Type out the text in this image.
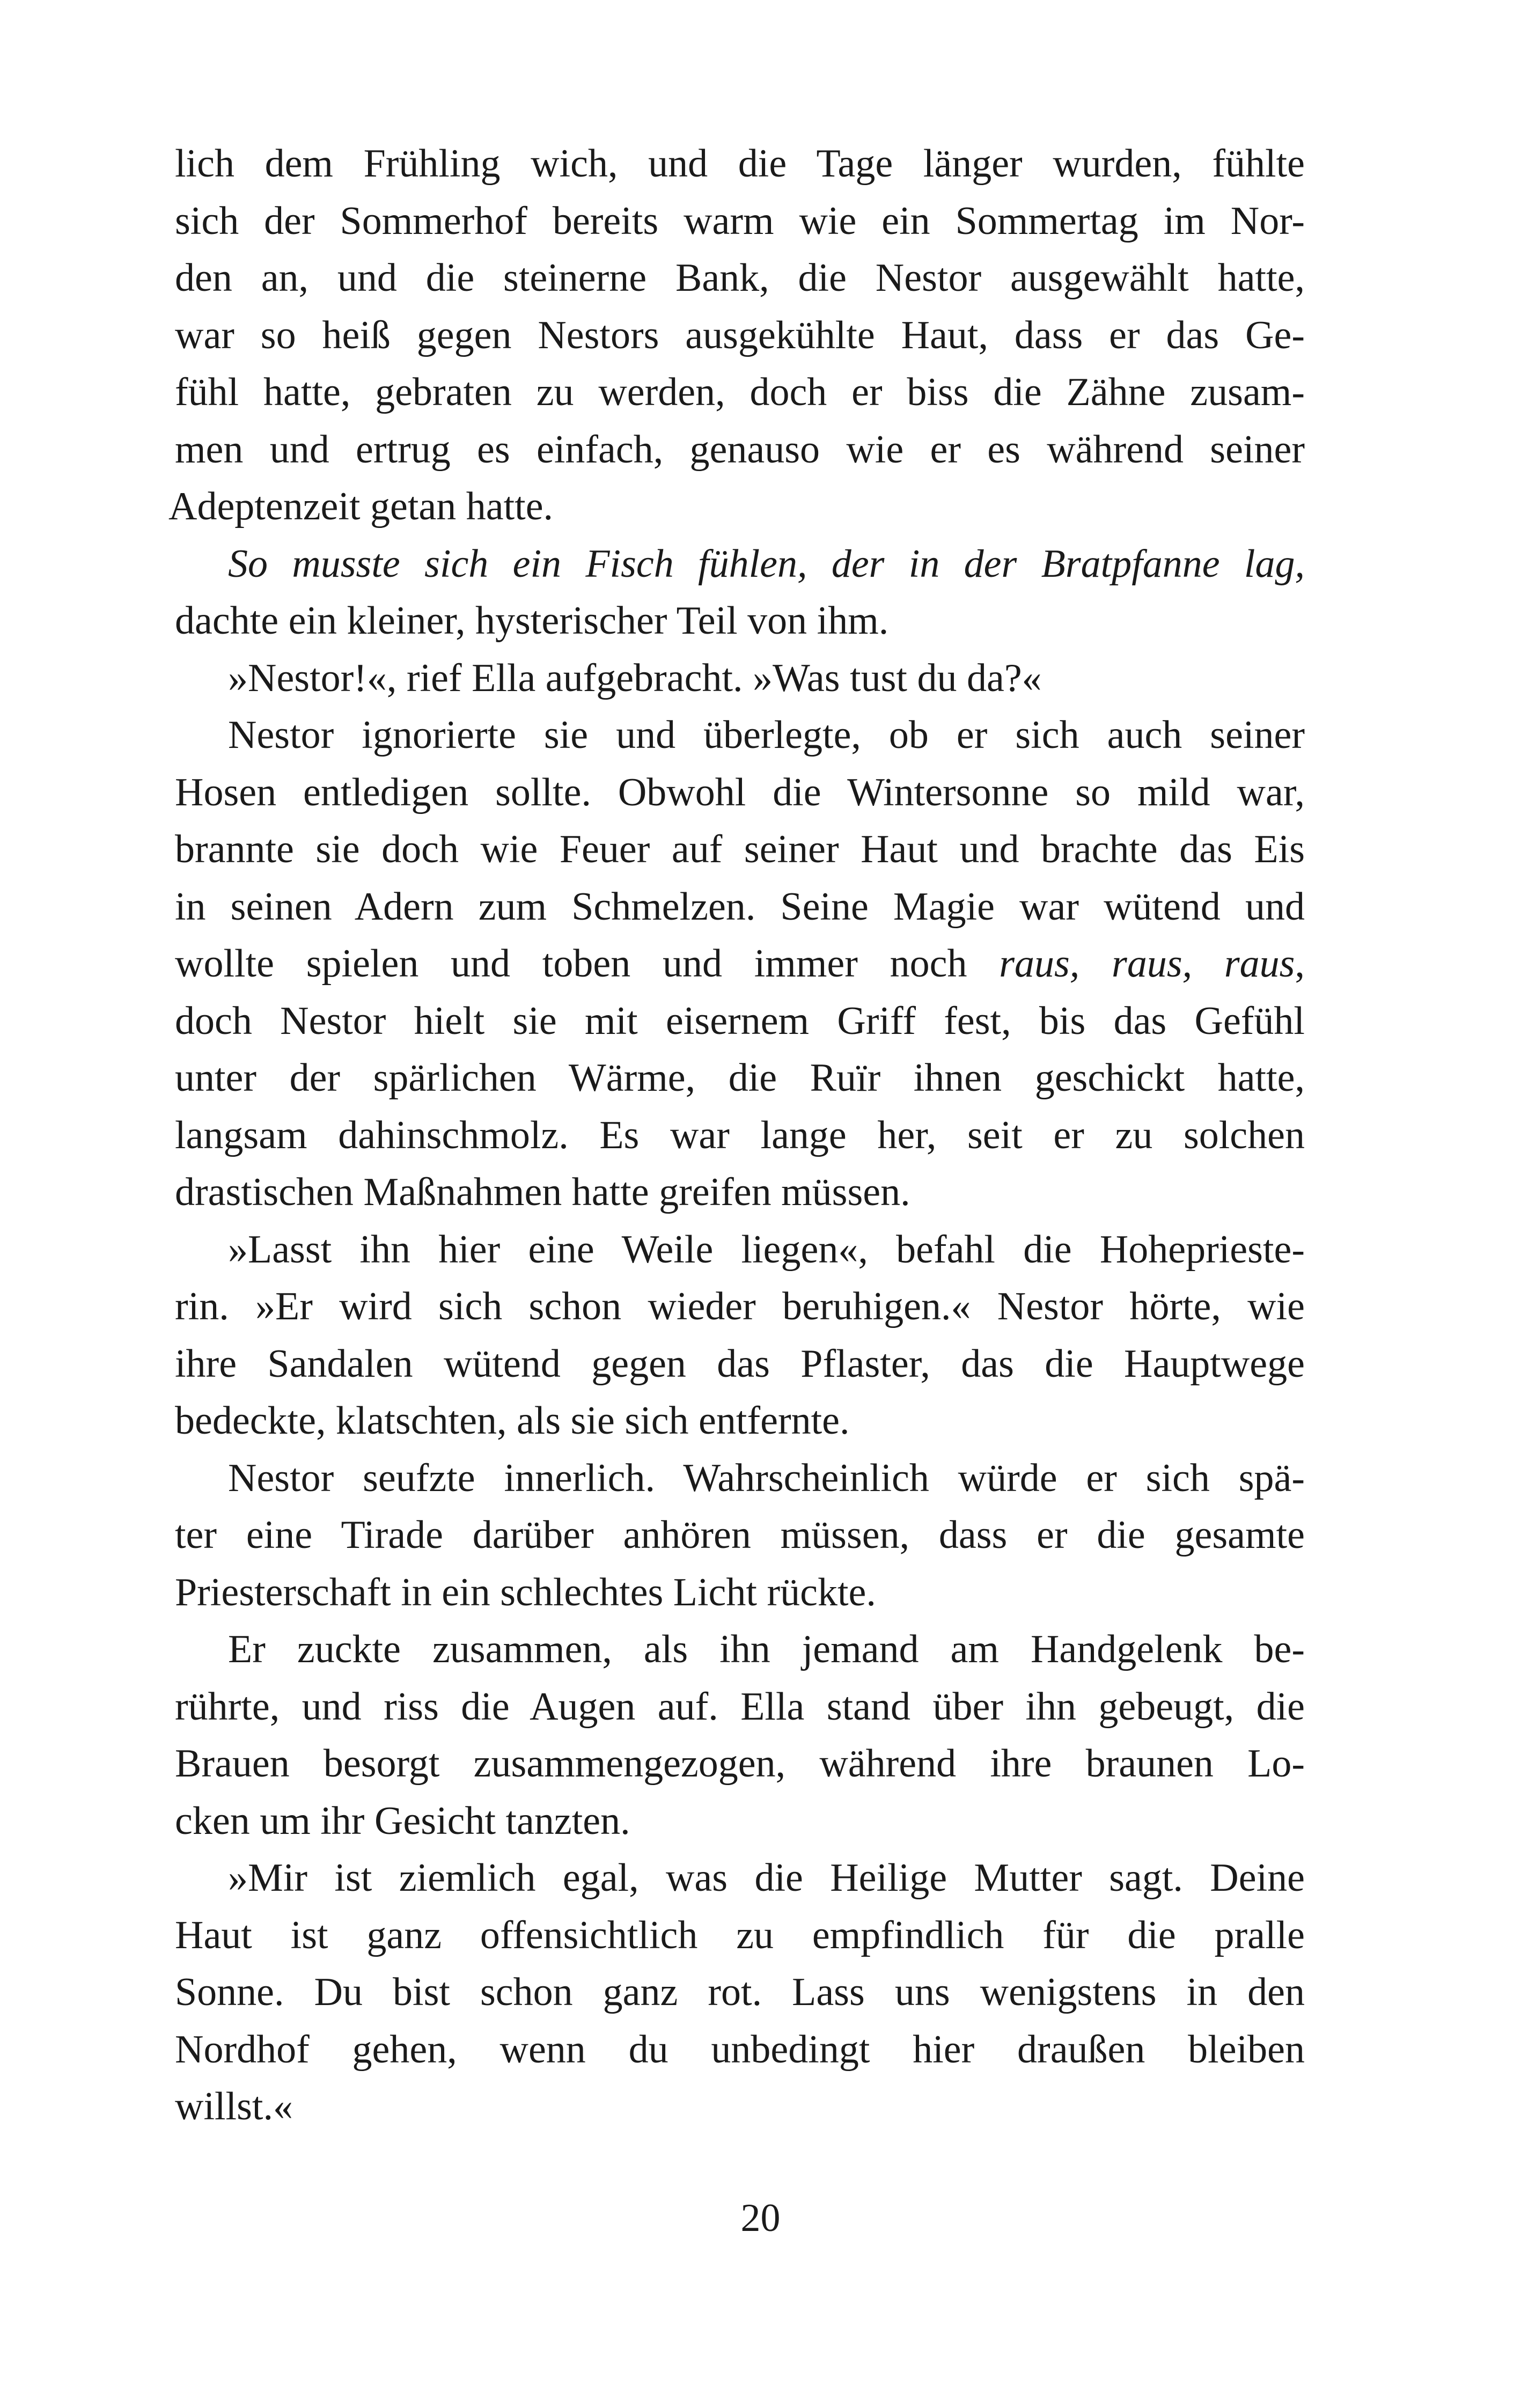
lich dem Frühling wich, und die Tage länger wurden, fühlte
sich der Sommerhof bereits warm wie ein Sommertag im Nor-
den an, und die steinerne Bank, die Nestor ausgewählt hatte,
war so heiß gegen Nestors ausgekühlte Haut, dass er das Ge-
fühl hatte, gebraten zu werden, doch er biss die Zähne zusam-
men und ertrug es einfach, genauso wie er es während seiner
Adeptenzeit getan hatte.
So musste sich ein Fisch fühlen, der in der Bratpfanne lag,
dachte ein kleiner, hysterischer Teil von ihm.
»Nestor!«, rief Ella aufgebracht. »Was tust du da?«
Nestor ignorierte sie und überlegte, ob er sich auch seiner
Hosen entledigen sollte. Obwohl die Wintersonne so mild war,
brannte sie doch wie Feuer auf seiner Haut und brachte das Eis
in seinen Adern zum Schmelzen. Seine Magie war wütend und
wollte spielen und toben und immer noch raus, raus, raus,
doch Nestor hielt sie mit eisernem Griff fest, bis das Gefühl
unter der spärlichen Wärme, die Ruïr ihnen geschickt hatte,
langsam dahinschmolz. Es war lange her, seit er zu solchen
drastischen Maßnahmen hatte greifen müssen.
»Lasst ihn hier eine Weile liegen«, befahl die Hoheprieste-
rin. »Er wird sich schon wieder beruhigen.« Nestor hörte, wie
ihre Sandalen wütend gegen das Pflaster, das die Hauptwege
bedeckte, klatschten, als sie sich entfernte.
Nestor seufzte innerlich. Wahrscheinlich würde er sich spä-
ter eine Tirade darüber anhören müssen, dass er die gesamte
Priesterschaft in ein schlechtes Licht rückte.
Er zuckte zusammen, als ihn jemand am Handgelenk be-
rührte, und riss die Augen auf. Ella stand über ihn gebeugt, die
Brauen besorgt zusammengezogen, während ihre braunen Lo-
cken um ihr Gesicht tanzten.
»Mir ist ziemlich egal, was die Heilige Mutter sagt. Deine
Haut ist ganz offensichtlich zu empfindlich für die pralle
Sonne. Du bist schon ganz rot. Lass uns wenigstens in den
Nordhof gehen, wenn du unbedingt hier draußen bleiben
willst.«
20
